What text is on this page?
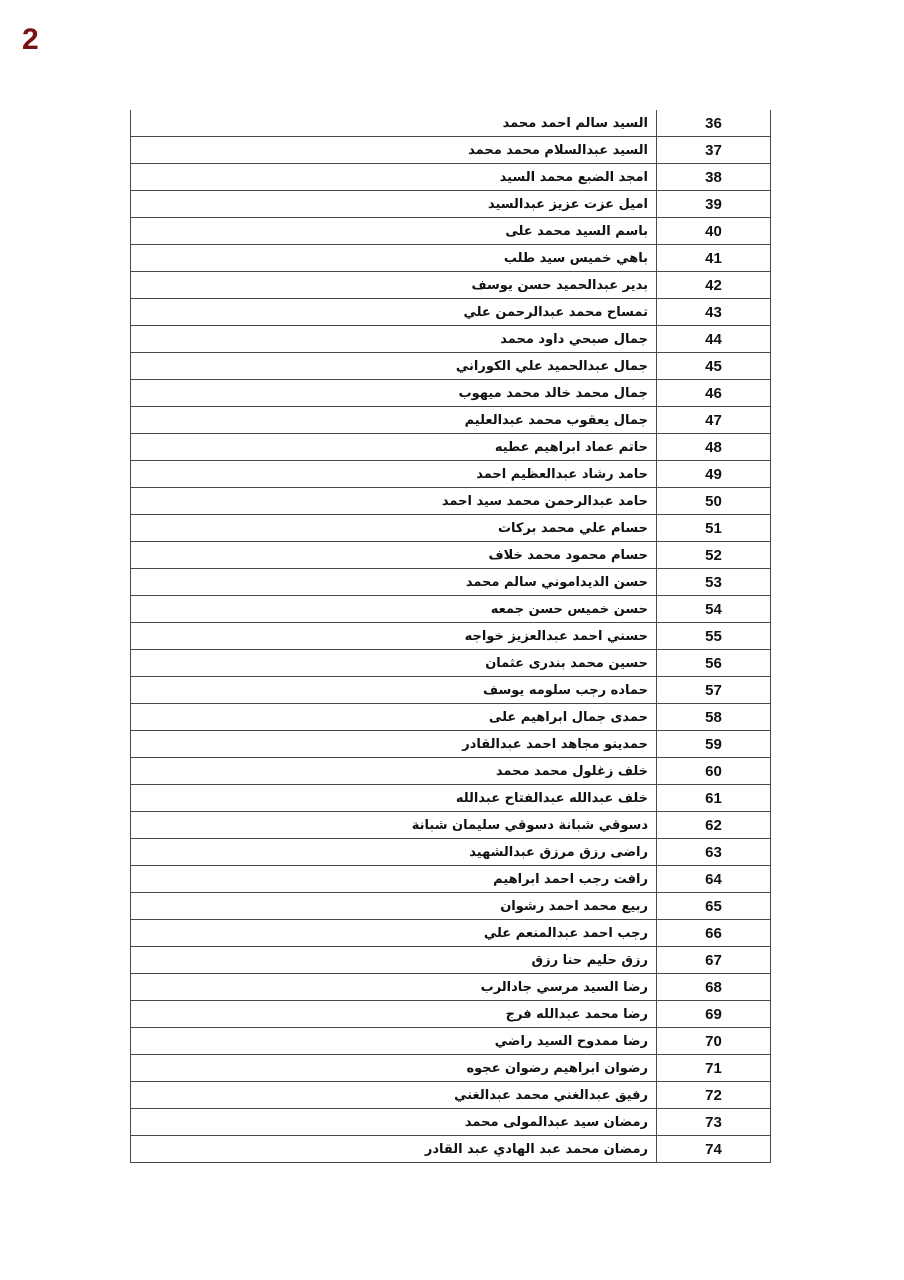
2
36	السيد سالم احمد محمد
37	السيد عبدالسلام محمد محمد
38	امجد الضبع محمد السيد
39	اميل عزت عزيز عبدالسيد
40	باسم السيد محمد على
41	باهي خميس سيد طلب
42	بدير عبدالحميد حسن يوسف
43	تمساح محمد عبدالرحمن علي
44	جمال صبحي داود محمد
45	جمال عبدالحميد علي الكوراني
46	جمال محمد خالد محمد ميهوب
47	جمال يعقوب محمد عبدالعليم
48	حاتم عماد ابراهيم عطيه
49	حامد رشاد عبدالعظيم احمد
50	حامد عبدالرحمن محمد سيد احمد
51	حسام علي محمد بركات
52	حسام محمود محمد خلاف
53	حسن الديداموني سالم محمد
54	حسن خميس حسن جمعه
55	حسني احمد عبدالعزيز خواجه
56	حسين محمد بندرى عثمان
57	حماده رجب سلومه يوسف
58	حمدى جمال ابراهيم على
59	حمدينو مجاهد احمد عبدالقادر
60	خلف زغلول محمد محمد
61	خلف عبدالله عبدالفتاح عبدالله
62	دسوقي شبانة دسوقي سليمان شبانة
63	راضى رزق مرزق عبدالشهيد
64	رافت رجب احمد ابراهيم
65	ربيع محمد احمد رشوان
66	رجب احمد عبدالمنعم علي
67	رزق حليم حنا رزق
68	رضا السيد مرسي جادالرب
69	رضا محمد عبدالله فرج
70	رضا ممدوح السيد راضي
71	رضوان ابراهيم رضوان عجوه
72	رفيق عبدالغني محمد عبدالغني
73	رمضان سيد عبدالمولى محمد
74	رمضان محمد عبد الهادي عبد القادر
